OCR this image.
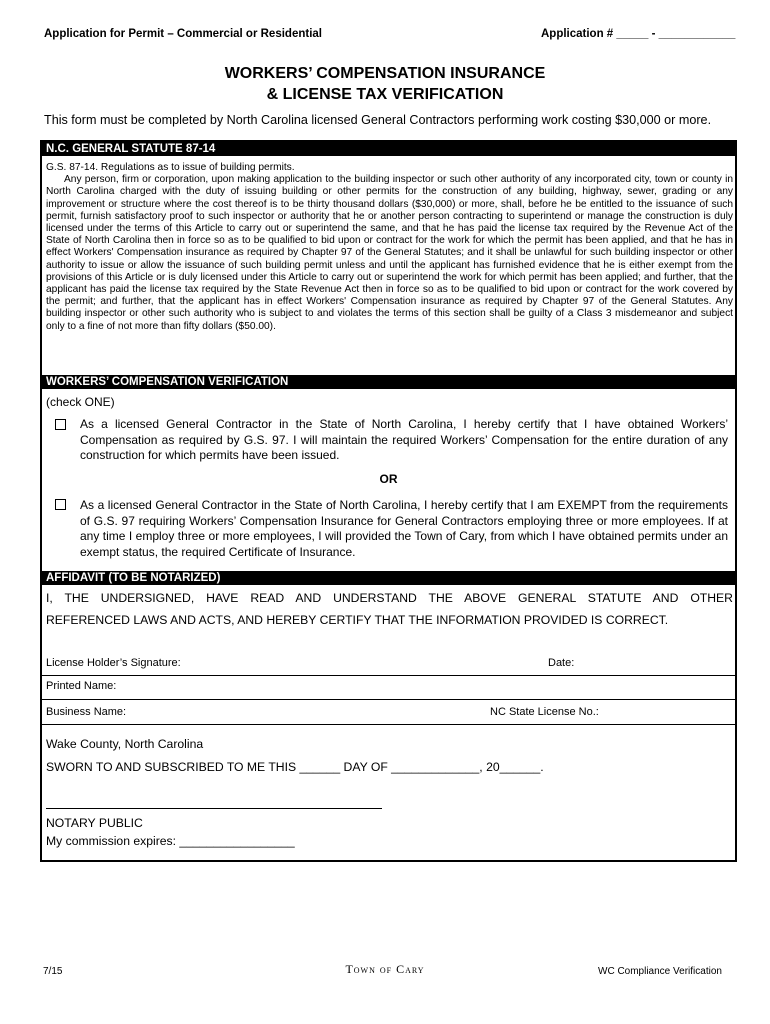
Application for Permit – Commercial or Residential	Application # _____ - ____________
WORKERS’ COMPENSATION INSURANCE
& LICENSE TAX VERIFICATION
This form must be completed by North Carolina licensed General Contractors performing work costing $30,000 or more.
N.C. GENERAL STATUTE 87-14
G.S. 87‑14. Regulations as to issue of building permits.
Any person, firm or corporation, upon making application to the building inspector or such other authority of any incorporated city, town or county in North Carolina charged with the duty of issuing building or other permits for the construction of any building, highway, sewer, grading or any improvement or structure where the cost thereof is to be thirty thousand dollars ($30,000) or more, shall, before he be entitled to the issuance of such permit, furnish satisfactory proof to such inspector or authority that he or another person contracting to superintend or manage the construction is duly licensed under the terms of this Article to carry out or superintend the same, and that he has paid the license tax required by the Revenue Act of the State of North Carolina then in force so as to be qualified to bid upon or contract for the work for which the permit has been applied, and that he has in effect Workers' Compensation insurance as required by Chapter 97 of the General Statutes; and it shall be unlawful for such building inspector or other authority to issue or allow the issuance of such building permit unless and until the applicant has furnished evidence that he is either exempt from the provisions of this Article or is duly licensed under this Article to carry out or superintend the work for which permit has been applied; and further, that the applicant has paid the license tax required by the State Revenue Act then in force so as to be qualified to bid upon or contract for the work covered by the permit; and further, that the applicant has in effect Workers' Compensation insurance as required by Chapter 97 of the General Statutes. Any building inspector or other such authority who is subject to and violates the terms of this section shall be guilty of a Class 3 misdemeanor and subject only to a fine of not more than fifty dollars ($50.00).
WORKERS’ COMPENSATION VERIFICATION
(check ONE)
As a licensed General Contractor in the State of North Carolina, I hereby certify that I have obtained Workers’ Compensation as required by G.S. 97. I will maintain the required Workers’ Compensation for the entire duration of any construction for which permits have been issued.
OR
As a licensed General Contractor in the State of North Carolina, I hereby certify that I am EXEMPT from the requirements of G.S. 97 requiring Workers’ Compensation Insurance for General Contractors employing three or more employees. If at any time I employ three or more employees, I will provided the Town of Cary, from which I have obtained permits under an exempt status, the required Certificate of Insurance.
AFFIDAVIT (TO BE NOTARIZED)
I, THE UNDERSIGNED, HAVE READ AND UNDERSTAND THE ABOVE GENERAL STATUTE AND OTHER
REFERENCED LAWS AND ACTS, AND HEREBY CERTIFY THAT THE INFORMATION PROVIDED IS CORRECT.
License Holder’s Signature:	Date:
Printed Name:
Business Name:	NC State License No.:
Wake County, North Carolina
SWORN TO AND SUBSCRIBED TO ME THIS ______ DAY OF _____________, 20______.
NOTARY PUBLIC
My commission expires: _________________
7/15	Town of Cary	WC Compliance Verification
